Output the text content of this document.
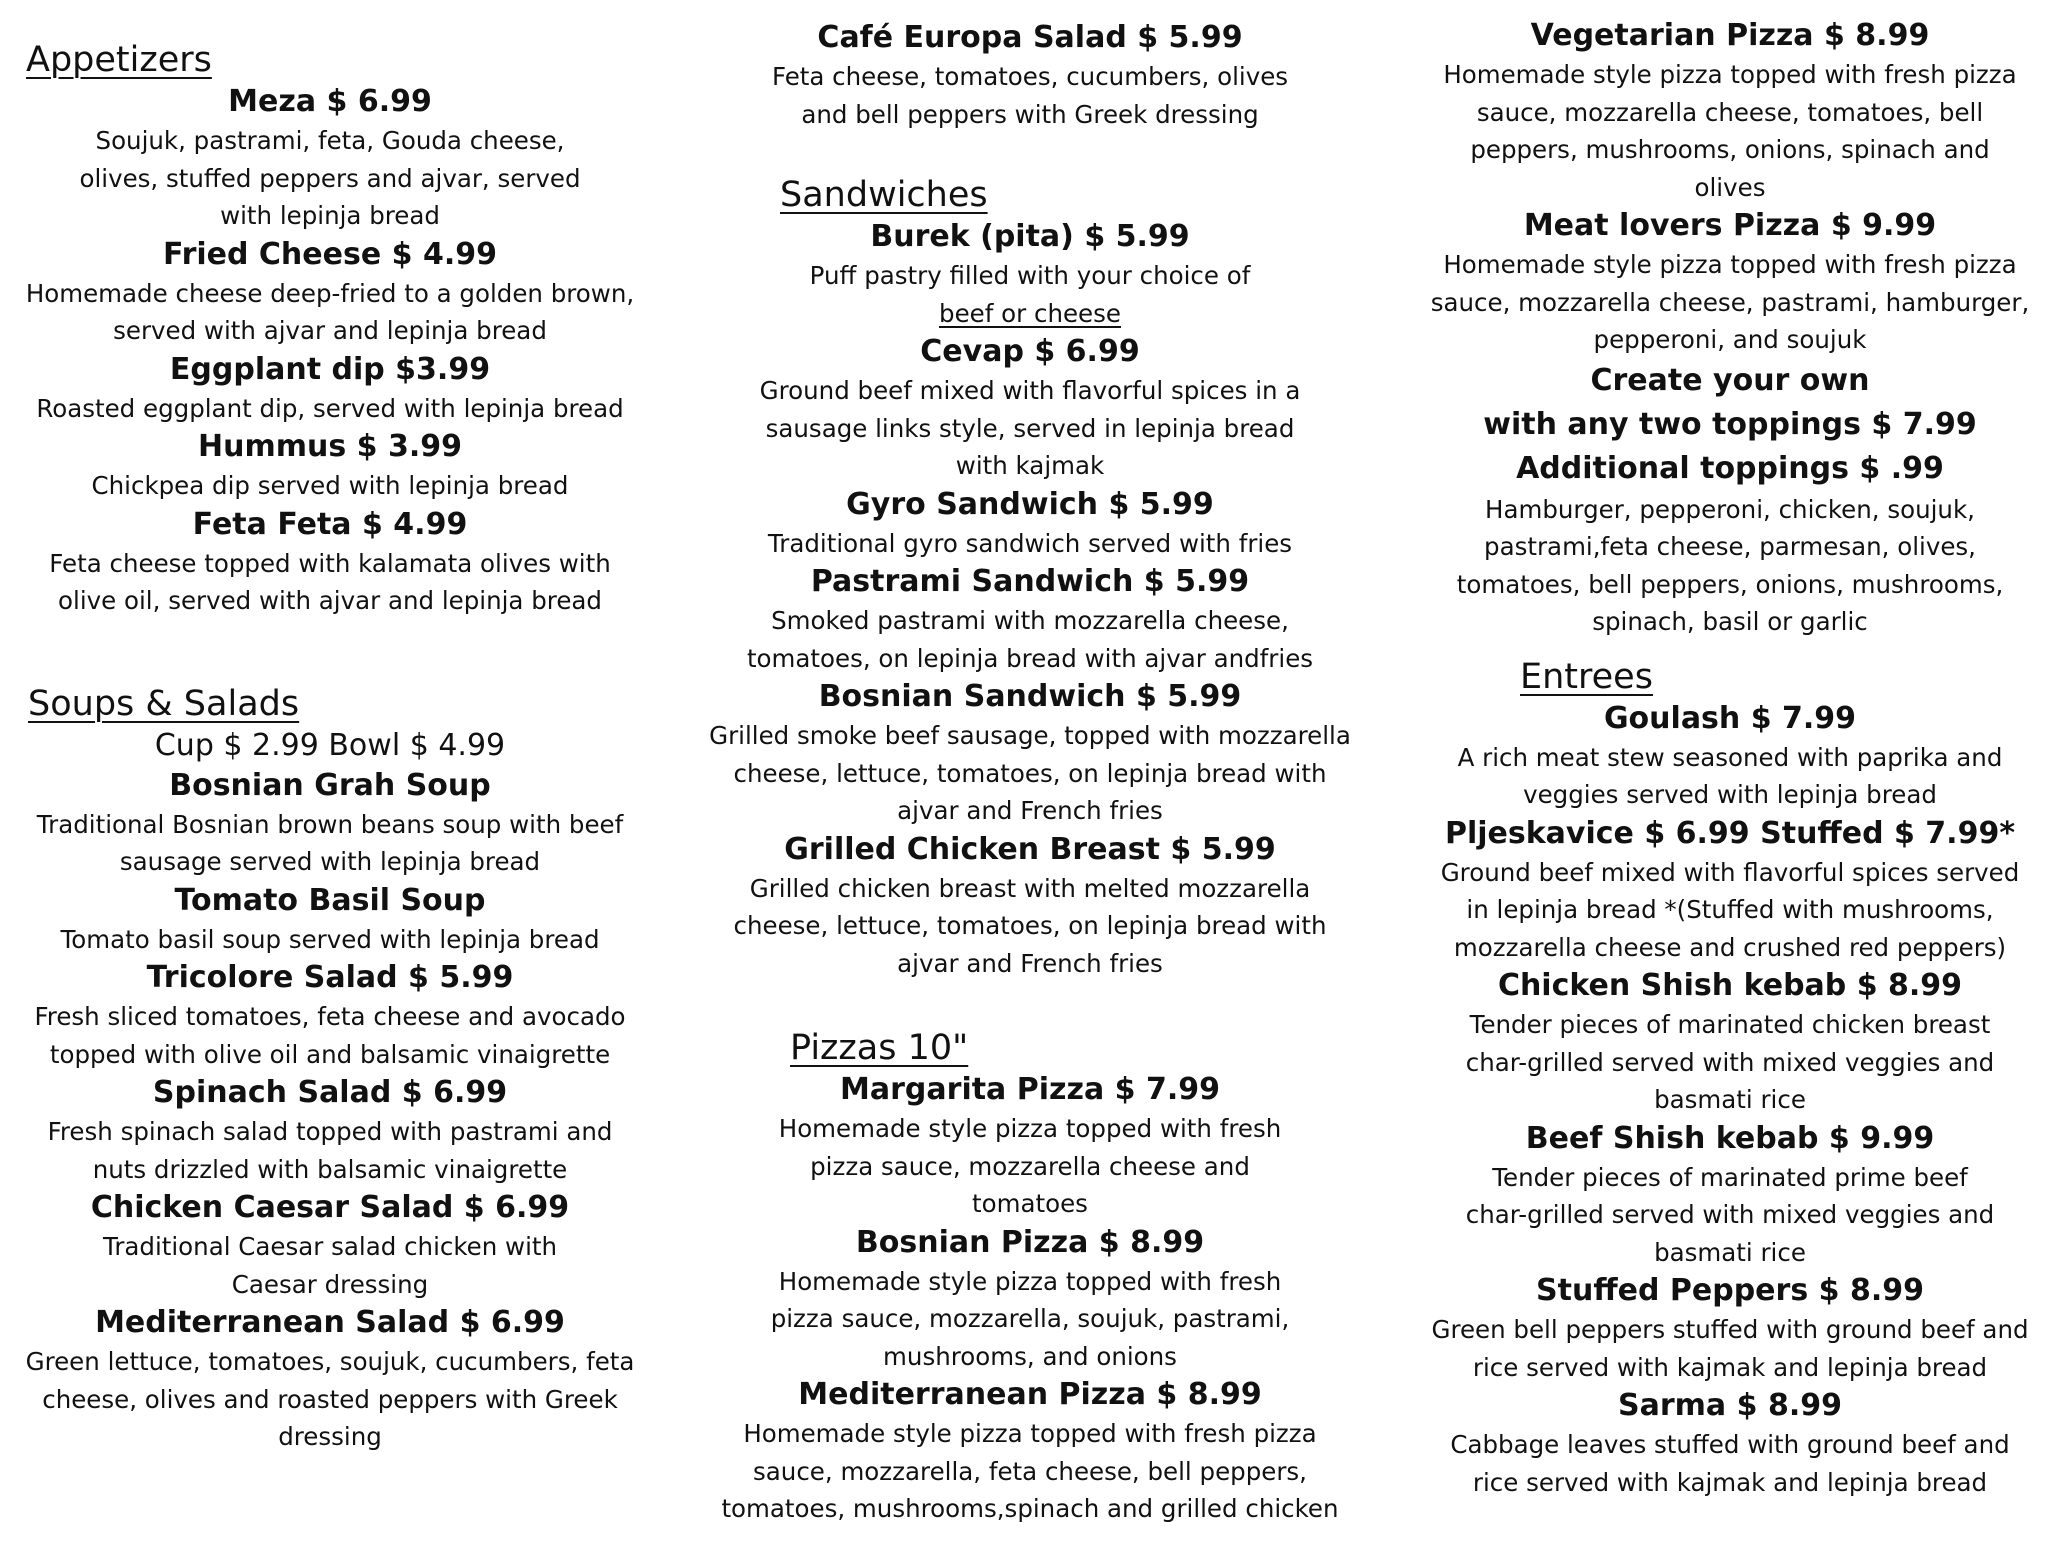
Appetizers

Meza $ 6.99

Soujuk, pastrami, feta, Gouda cheese, olives, stuffed peppers and ajvar, served with lepinja bread

Fried Cheese $ 4.99

Homemade cheese deep-fried to a golden brown, served with ajvar and lepinja bread

Eggplant dip $3.99

Roasted eggplant dip, served with lepinja bread

Hummus $ 3.99

Chickpea dip served with lepinja bread

Feta Feta $ 4.99

Feta cheese topped with kalamata olives with olive oil, served with ajvar and lepinja bread

Soups & Salads

Cup $ 2.99 Bowl $ 4.99

Bosnian Grah Soup

Traditional Bosnian brown beans soup with beef sausage served with lepinja bread

Tomato Basil Soup

Tomato basil soup served with lepinja bread

Tricolore Salad $ 5.99

Fresh sliced tomatoes, feta cheese and avocado topped with olive oil and balsamic vinaigrette

Spinach Salad $ 6.99

Fresh spinach salad topped with pastrami and nuts drizzled with balsamic vinaigrette

Chicken Caesar Salad $ 6.99

Traditional Caesar salad chicken with Caesar dressing

Mediterranean Salad $ 6.99

Green lettuce, tomatoes, soujuk, cucumbers, feta cheese, olives and roasted peppers with Greek dressing

Café Europa Salad $ 5.99

Feta cheese, tomatoes, cucumbers, olives and bell peppers with Greek dressing

Sandwiches

Burek (pita) $ 5.99

Puff pastry filled with your choice of

beef or cheese

Cevap $ 6.99

Ground beef mixed with flavorful spices in a sausage links style, served in lepinja bread with kajmak

Gyro Sandwich $ 5.99

Traditional gyro sandwich served with fries

Pastrami Sandwich $ 5.99

Smoked pastrami with mozzarella cheese, tomatoes, on lepinja bread with ajvar andfries

Bosnian Sandwich $ 5.99

Grilled smoke beef sausage, topped with mozzarella cheese, lettuce, tomatoes, on lepinja bread with ajvar and French fries

Grilled Chicken Breast $ 5.99

Grilled chicken breast with melted mozzarella cheese, lettuce, tomatoes, on lepinja bread with ajvar and French fries

Pizzas 10"

Margarita Pizza $ 7.99

Homemade style pizza topped with fresh pizza sauce, mozzarella cheese and tomatoes

Bosnian Pizza $ 8.99

Homemade style pizza topped with fresh pizza sauce, mozzarella, soujuk, pastrami, mushrooms, and onions

Mediterranean Pizza $ 8.99

Homemade style pizza topped with fresh pizza sauce, mozzarella, feta cheese, bell peppers, tomatoes, mushrooms,spinach and grilled chicken

Vegetarian Pizza $ 8.99

Homemade style pizza topped with fresh pizza sauce, mozzarella cheese, tomatoes, bell peppers, mushrooms, onions, spinach and olives

Meat lovers Pizza $ 9.99

Homemade style pizza topped with fresh pizza sauce, mozzarella cheese, pastrami, hamburger, pepperoni, and soujuk

Create your own

with any two toppings $ 7.99

Additional toppings $ .99

Hamburger, pepperoni, chicken, soujuk, pastrami,feta cheese, parmesan, olives, tomatoes, bell peppers, onions, mushrooms, spinach, basil or garlic

Entrees

Goulash $ 7.99

A rich meat stew seasoned with paprika and veggies served with lepinja bread

Pljeskavice $ 6.99 Stuffed $ 7.99*

Ground beef mixed with flavorful spices served in lepinja bread *(Stuffed with mushrooms, mozzarella cheese and crushed red peppers)

Chicken Shish kebab $ 8.99

Tender pieces of marinated chicken breast char-grilled served with mixed veggies and basmati rice

Beef Shish kebab $ 9.99

Tender pieces of marinated prime beef char-grilled served with mixed veggies and basmati rice

Stuffed Peppers $ 8.99

Green bell peppers stuffed with ground beef and rice served with kajmak and lepinja bread

Sarma $ 8.99

Cabbage leaves stuffed with ground beef and rice served with kajmak and lepinja bread
